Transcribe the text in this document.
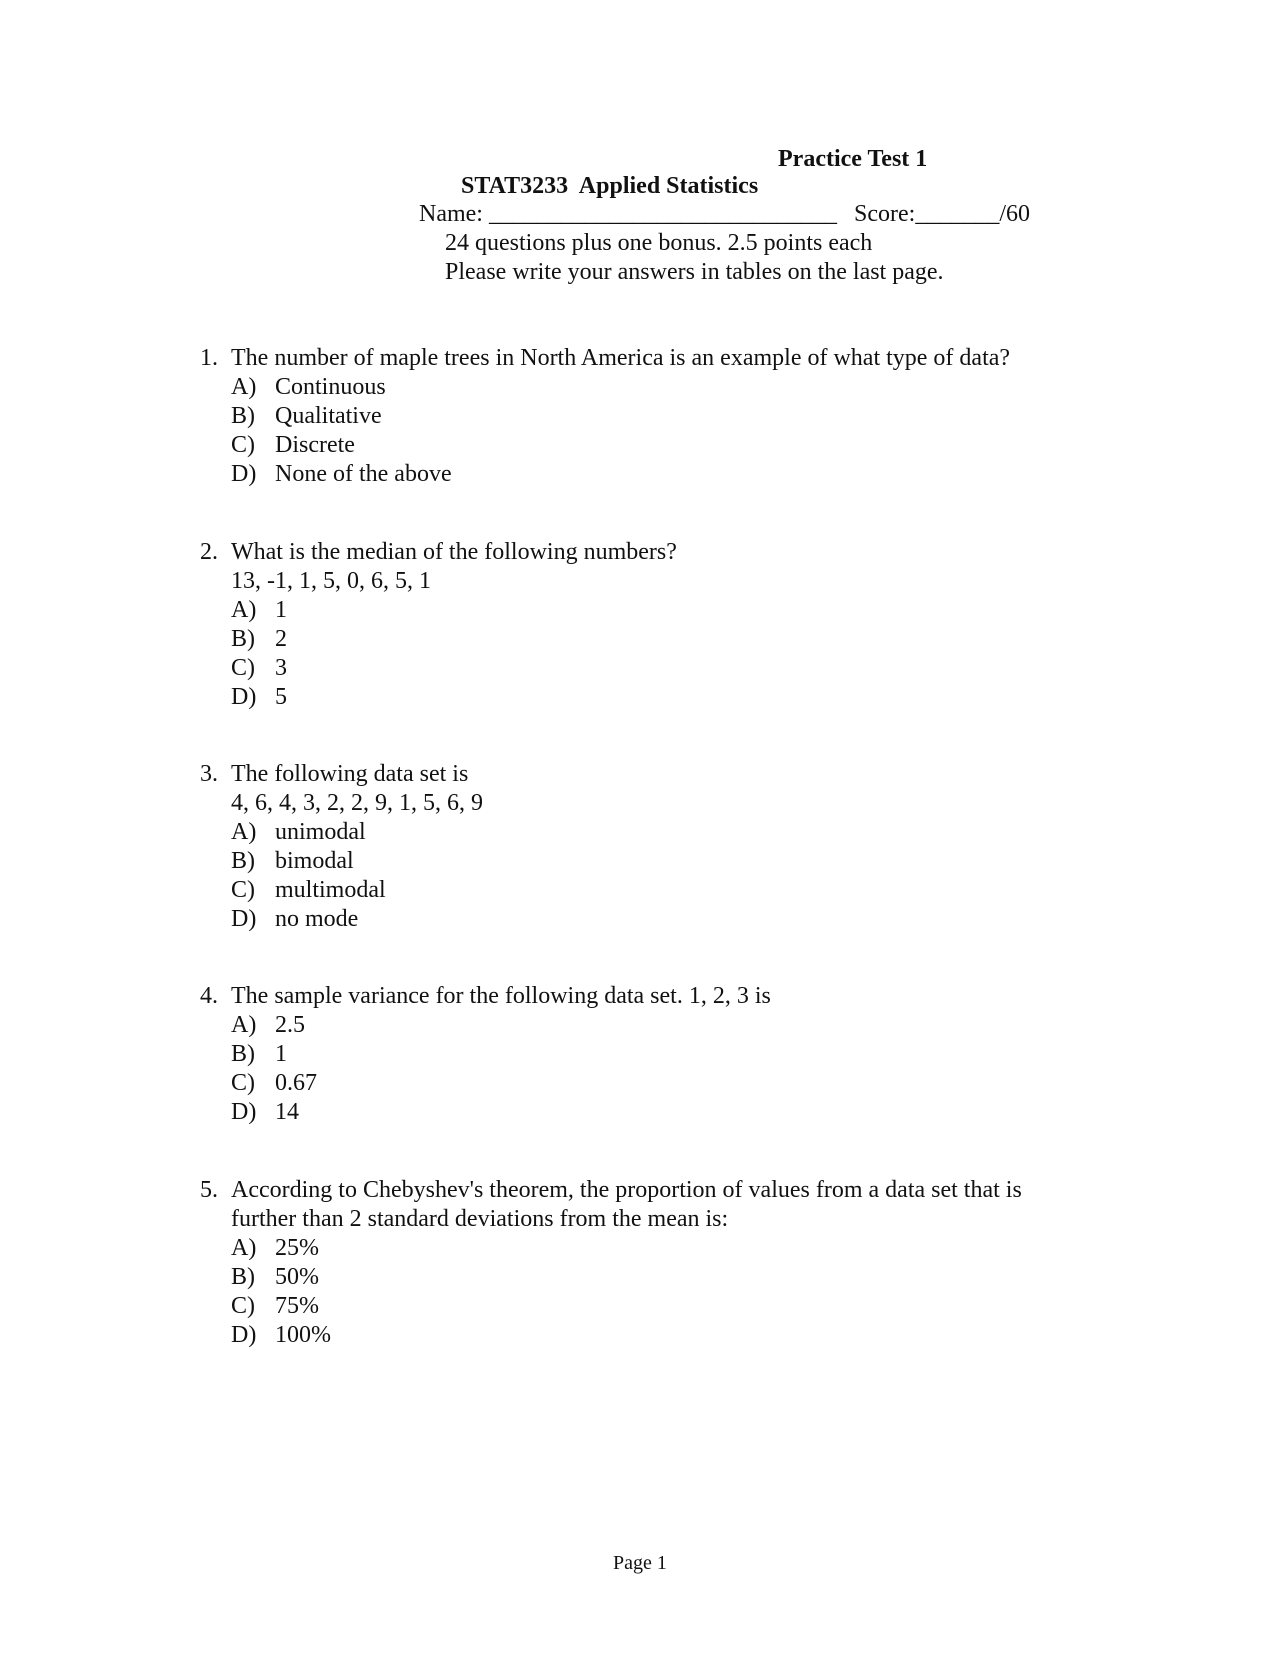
STAT3233  Applied Statistics

Practice Test 1

Name: _____________________________ Score:_______/60
24 questions plus one bonus. 2.5 points each
Please write your answers in tables on the last page.
1. The number of maple trees in North America is an example of what type of data?
A) Continuous
B) Qualitative
C) Discrete
D) None of the above
2. What is the median of the following numbers?
13, -1, 1, 5, 0, 6, 5, 1
A) 1
B) 2
C) 3
D) 5
3. The following data set is
4, 6, 4, 3, 2, 2, 9, 1, 5, 6, 9
A) unimodal
B) bimodal
C) multimodal
D) no mode
4. The sample variance for the following data set. 1, 2, 3 is
A) 2.5
B) 1
C) 0.67
D) 14
5. According to Chebyshev's theorem, the proportion of values from a data set that is
further than 2 standard deviations from the mean is:
A) 25%
B) 50%
C) 75%
D) 100%
Page 1
